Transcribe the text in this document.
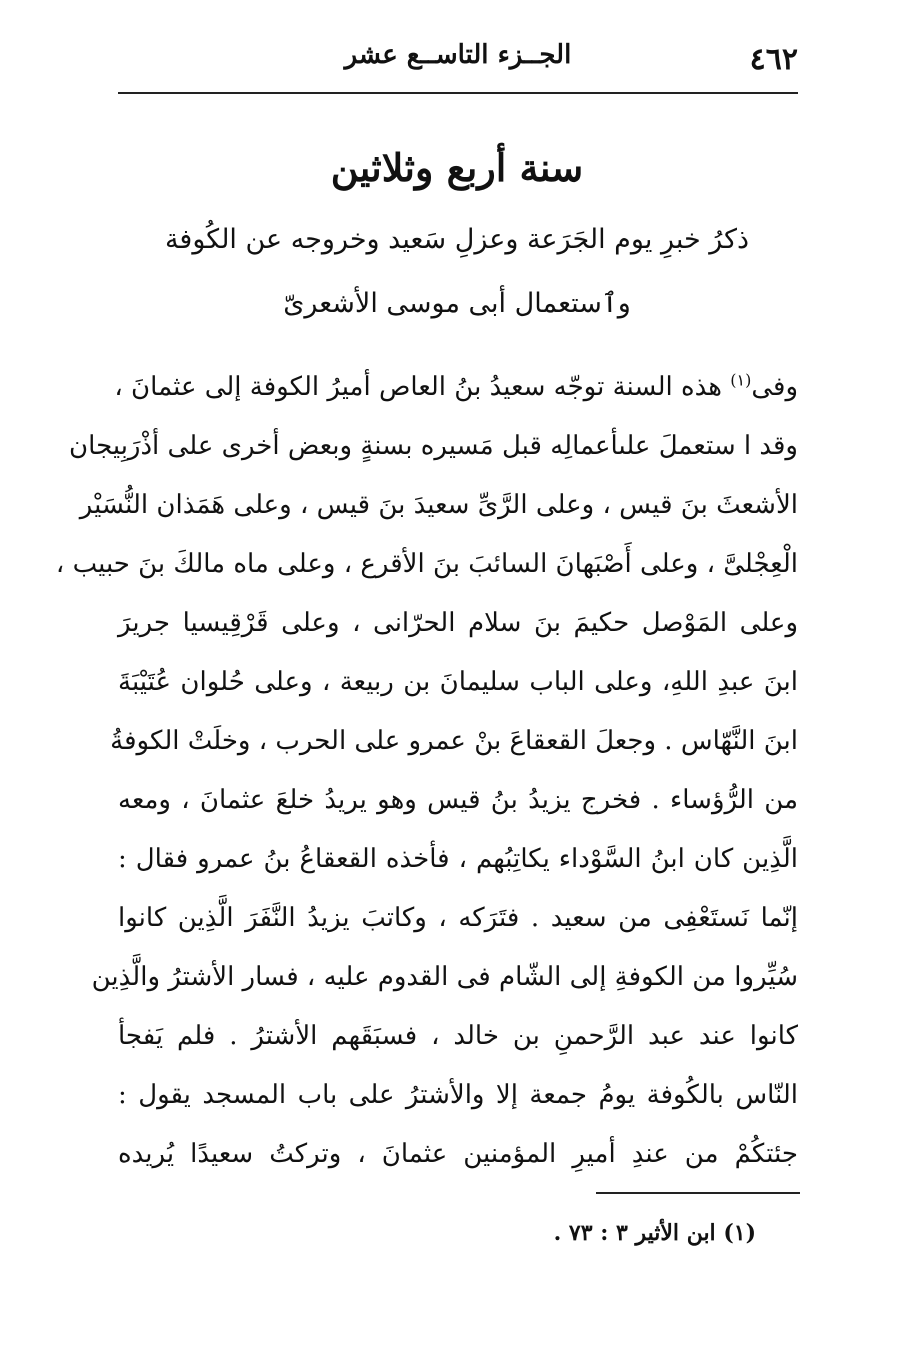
٤٦٢
الجــزء التاســع عشر
سنة أربع وثلاثين
ذكرُ خبرِ يوم الجَرَعة وعزلِ سَعيد وخروجه عن الكُوفة
وٱستعمال أبى موسى الأشعرىّ
وفى$^{(١)}$ هذه السنة توجّه سعيدُ بنُ العاص أميرُ الكوفة إلى عثمانَ ،
وقد ا ستعملَ علىأعمالِه قبل مَسيره بسنةٍ وبعض أخرى على أذْرَبِيجان
الأشعثَ بنَ قيس ، وعلى الرَّىِّ سعيدَ بنَ قيس ، وعلى هَمَذان النُّسَيْر
الْعِجْلىَّ ، وعلى أَصْبَهانَ السائبَ بنَ الأقرع ، وعلى ماه مالكَ بنَ حبيب ،
وعلى المَوْصل حكيمَ بنَ سلام الحرّانى ، وعلى قَرْقِيسيا جريرَ
ابنَ عبدِ اللهِ، وعلى الباب سليمانَ بن ربيعة ، وعلى حُلوان عُتَيْبَةَ
ابنَ النَّهّاس . وجعلَ القعقاعَ بنْ عمرو على الحرب ، وخلَتْ الكوفةُ
من الرُّؤساء . فخرج يزيدُ بنُ قيس وهو يريدُ خلعَ عثمانَ ، ومعه
الَّذِين كان ابنُ السَّوْداء يكاتِبُهم ، فأخذه القعقاعُ بنُ عمرو فقال :
إنّما نَستَعْفِى من سعيد . فتَرَكه ، وكاتبَ يزيدُ النَّفَرَ الَّذِين كانوا
سُيِّروا من الكوفةِ إلى الشّام فى القدوم عليه ، فسار الأشترُ والَّذِين
كانوا عند عبد الرَّحمنِ بن خالد ، فسبَقَهم الأشترُ . فلم يَفجأ
النّاس بالكُوفة يومُ جمعة إلا والأشترُ على باب المسجد يقول :
جئتكُمْ من عندِ أميرِ المؤمنين عثمانَ ، وتركتُ سعيدًا يُريده
(١) ابن الأثير ٣ : ٧٣ .
